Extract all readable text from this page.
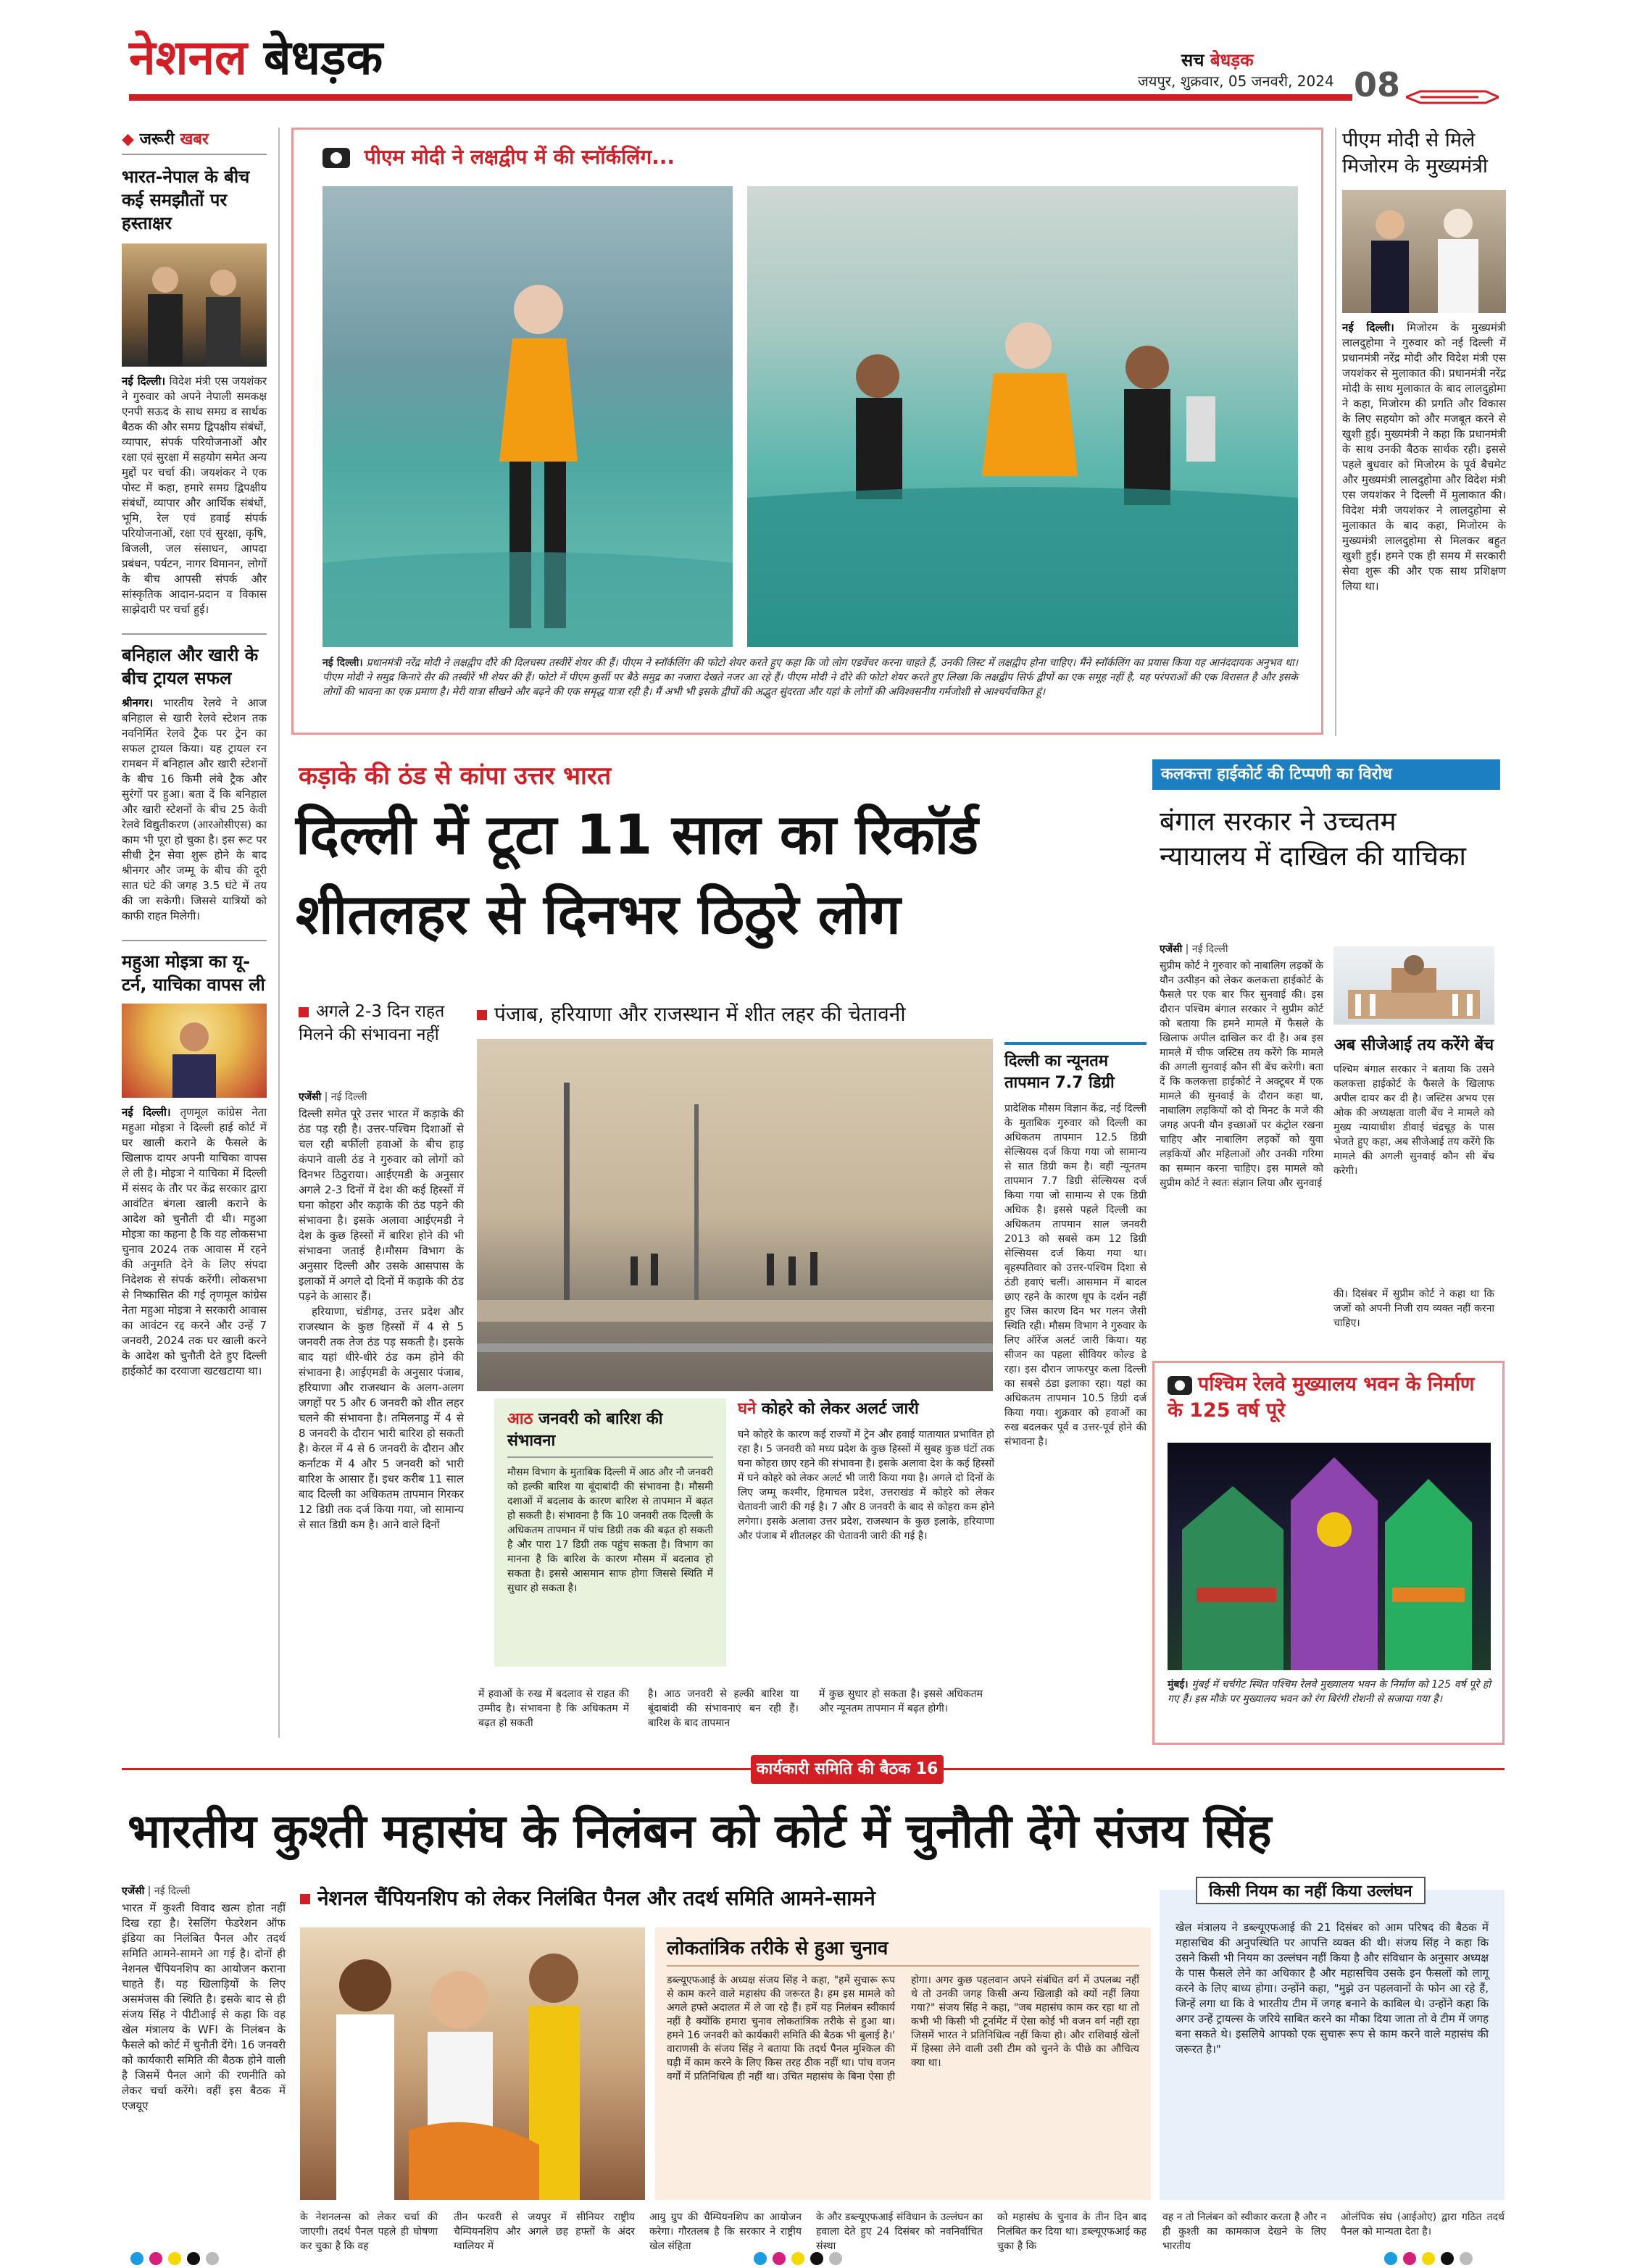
नेशनल बेधड़क	सच बेधड़क
जयपुर, शुक्रवार, 05 जनवरी, 2024 08
◆ जरूरी खबर
भारत-नेपाल के बीच कई समझौतों पर हस्ताक्षर

नई दिल्ली। विदेश मंत्री एस जयशंकर ने गुरुवार को अपने नेपाली समकक्ष एनपी सऊद के साथ समग्र व सार्थक बैठक की और समग्र द्विपक्षीय संबंधों, व्यापार, संपर्क परियोजनाओं और रक्षा एवं सुरक्षा में सहयोग समेत अन्य मुद्दों पर चर्चा की। जयशंकर ने एक पोस्ट में कहा, हमारे समग्र द्विपक्षीय संबंधों, व्यापार और आर्थिक संबंधों, भूमि, रेल एवं हवाई संपर्क परियोजनाओं, रक्षा एवं सुरक्षा, कृषि, बिजली, जल संसाधन, आपदा प्रबंधन, पर्यटन, नागर विमानन, लोगों के बीच आपसी संपर्क और सांस्कृतिक आदान-प्रदान व विकास साझेदारी पर चर्चा हुई।

बनिहाल और खारी के बीच ट्रायल सफल

श्रीनगर। भारतीय रेलवे ने आज बनिहाल से खारी रेलवे स्टेशन तक नवनिर्मित रेलवे ट्रैक पर ट्रेन का सफल ट्रायल किया। यह ट्रायल रन रामबन में बनिहाल और खारी स्टेशनों के बीच 16 किमी लंबे ट्रैक और सुरंगों पर हुआ। बता दें कि बनिहाल और खारी स्टेशनों के बीच 25 केवी रेलवे विद्युतीकरण (आरओसीएस) का काम भी पूरा हो चुका है। इस रूट पर सीधी ट्रेन सेवा शुरू होने के बाद श्रीनगर और जम्मू के बीच की दूरी सात घंटे की जगह 3.5 घंटे में तय की जा सकेगी। जिससे यात्रियों को काफी राहत मिलेगी।

महुआ मोइत्रा का यू-टर्न, याचिका वापस ली

नई दिल्ली। तृणमूल कांग्रेस नेता महुआ मोइत्रा ने दिल्ली हाई कोर्ट में घर खाली कराने के फैसले के खिलाफ दायर अपनी याचिका वापस ले ली है। मोइत्रा ने याचिका में दिल्ली में संसद के तौर पर केंद्र सरकार द्वारा आवंटित बंगला खाली कराने के आदेश को चुनौती दी थी। महुआ मोइत्रा का कहना है कि वह लोकसभा चुनाव 2024 तक आवास में रहने की अनुमति देने के लिए संपदा निदेशक से संपर्क करेंगी। लोकसभा से निष्कासित की गई तृणमूल कांग्रेस नेता महुआ मोइत्रा ने सरकारी आवास का आवंटन रद्द करने और उन्हें 7 जनवरी, 2024 तक घर खाली करने के आदेश को चुनौती देते हुए दिल्ली हाईकोर्ट का दरवाजा खटखटाया था।

पीएम मोदी ने लक्षद्वीप में की स्नॉर्कलिंग...

नई दिल्ली। प्रधानमंत्री नरेंद्र मोदी ने लक्षद्वीप दौरे की दिलचस्प तस्वीरें शेयर की हैं। पीएम ने स्नॉर्कलिंग की फोटो शेयर करते हुए कहा कि जो लोग एडवेंचर करना चाहते हैं, उनकी लिस्ट में लक्षद्वीप होना चाहिए। मैंने स्नॉर्कलिंग का प्रयास किया यह आनंददायक अनुभव था। पीएम मोदी ने समुद्र किनारे सैर की तस्वीरें भी शेयर की हैं। फोटो में पीएम कुर्सी पर बैठे समुद्र का नजारा देखते नजर आ रहे हैं। पीएम मोदी ने दौरे की फोटो शेयर करते हुए लिखा कि लक्षद्वीप सिर्फ द्वीपों का एक समूह नहीं है, यह परंपराओं की एक विरासत है और इसके लोगों की भावना का एक प्रमाण है। मेरी यात्रा सीखने और बढ़ने की एक समृद्ध यात्रा रही है। मैं अभी भी इसके द्वीपों की अद्भुत सुंदरता और यहां के लोगों की अविश्वसनीय गर्मजोशी से आश्चर्यचकित हूं।

पीएम मोदी से मिले मिजोरम के मुख्यमंत्री

नई दिल्ली। मिजोरम के मुख्यमंत्री लालदुहोमा ने गुरुवार को नई दिल्ली में प्रधानमंत्री नरेंद्र मोदी और विदेश मंत्री एस जयशंकर से मुलाकात की। प्रधानमंत्री नरेंद्र मोदी के साथ मुलाकात के बाद लालदुहोमा ने कहा, मिजोरम की प्रगति और विकास के लिए सहयोग को और मजबूत करने से खुशी हुई। मुख्यमंत्री ने कहा कि प्रधानमंत्री के साथ उनकी बैठक सार्थक रही। इससे पहले बुधवार को मिजोरम के पूर्व बैचमेट और मुख्यमंत्री लालदुहोमा और विदेश मंत्री एस जयशंकर ने दिल्ली में मुलाकात की। विदेश मंत्री जयशंकर ने लालदुहोमा से मुलाकात के बाद कहा, मिजोरम के मुख्यमंत्री लालदुहोमा से मिलकर बहुत खुशी हुई। हमने एक ही समय में सरकारी सेवा शुरू की और एक साथ प्रशिक्षण लिया था।

कड़ाके की ठंड से कांपा उत्तर भारत
दिल्ली में टूटा 11 साल का रिकॉर्ड
शीतलहर से दिनभर ठिठुरे लोग
अगले 2-3 दिन राहत मिलने की संभावना नहीं
पंजाब, हरियाणा और राजस्थान में शीत लहर की चेतावनी
एजेंसी | नई दिल्ली

दिल्ली समेत पूरे उत्तर भारत में कड़ाके की ठंड पड़ रही है। उत्तर-पश्चिम दिशाओं से चल रही बर्फीली हवाओं के बीच हाड़ कंपाने वाली ठंड ने गुरुवार को लोगों को दिनभर ठिठुराया। आईएमडी के अनुसार अगले 2-3 दिनों में देश की कई हिस्सों में घना कोहरा और कड़ाके की ठंड पड़ने की संभावना है। इसके अलावा आईएमडी ने देश के कुछ हिस्सों में बारिश होने की भी संभावना जताई है।मौसम विभाग के अनुसार दिल्ली और उसके आसपास के इलाकों में अगले दो दिनों में कड़ाके की ठंड पड़ने के आसार हैं।

हरियाणा, चंडीगढ़, उत्तर प्रदेश और राजस्थान के कुछ हिस्सों में 4 से 5 जनवरी तक तेज ठंड पड़ सकती है। इसके बाद यहां धीरे-धीरे ठंड कम होने की संभावना है। आईएमडी के अनुसार पंजाब, हरियाणा और राजस्थान के अलग-अलग जगहों पर 5 और 6 जनवरी को शीत लहर चलने की संभावना है। तमिलनाडु में 4 से 8 जनवरी के दौरान भारी बारिश हो सकती है। केरल में 4 से 6 जनवरी के दौरान और कर्नाटक में 4 और 5 जनवरी को भारी बारिश के आसार हैं। इधर करीब 11 साल बाद दिल्ली का अधिकतम तापमान गिरकर 12 डिग्री तक दर्ज किया गया, जो सामान्य से सात डिग्री कम है। आने वाले दिनों

दिल्ली का न्यूनतम तापमान 7.7 डिग्री

प्रादेशिक मौसम विज्ञान केंद्र, नई दिल्ली के मुताबिक गुरुवार को दिल्ली का अधिकतम तापमान 12.5 डिग्री सेल्सियस दर्ज किया गया जो सामान्य से सात डिग्री कम है। वहीं न्यूनतम तापमान 7.7 डिग्री सेल्सियस दर्ज किया गया जो सामान्य से एक डिग्री अधिक है। इससे पहले दिल्ली का अधिकतम तापमान साल जनवरी 2013 को सबसे कम 12 डिग्री सेल्सियस दर्ज किया गया था। बृहस्पतिवार को उत्तर-पश्चिम दिशा से ठंडी हवाएं चलीं। आसमान में बादल छाए रहने के कारण धूप के दर्शन नहीं हुए जिस कारण दिन भर गलन जैसी स्थिति रही। मौसम विभाग ने गुरुवार के लिए ऑरेंज अलर्ट जारी किया। यह सीजन का पहला सीवियर कोल्ड डे रहा। इस दौरान जाफरपुर कला दिल्ली का सबसे ठंडा इलाका रहा। यहां का अधिकतम तापमान 10.5 डिग्री दर्ज किया गया। शुक्रवार को हवाओं का रुख बदलकर पूर्व व उत्तर-पूर्व होने की संभावना है।

आठ जनवरी को बारिश की संभावना

मौसम विभाग के मुताबिक दिल्ली में आठ और नौ जनवरी को हल्की बारिश या बूंदाबांदी की संभावना है। मौसमी दशाओं में बदलाव के कारण बारिश से तापमान में बढ़त हो सकती है। संभावना है कि 10 जनवरी तक दिल्ली के अधिकतम तापमान में पांच डिग्री तक की बढ़त हो सकती है और पारा 17 डिग्री तक पहुंच सकता है। विभाग का मानना है कि बारिश के कारण मौसम में बदलाव हो सकता है। इससे आसमान साफ होगा जिससे स्थिति में सुधार हो सकता है।

घने कोहरे को लेकर अलर्ट जारी

घने कोहरे के कारण कई राज्यों में ट्रेन और हवाई यातायात प्रभावित हो रहा है। 5 जनवरी को मध्य प्रदेश के कुछ हिस्सों में सुबह कुछ घंटों तक घना कोहरा छाए रहने की संभावना है। इसके अलावा देश के कई हिस्सों में घने कोहरे को लेकर अलर्ट भी जारी किया गया है। अगले दो दिनों के लिए जम्मू कश्मीर, हिमाचल प्रदेश, उत्तराखंड में कोहरे को लेकर चेतावनी जारी की गई है। 7 और 8 जनवरी के बाद से कोहरा कम होने लगेगा। इसके अलावा उत्तर प्रदेश, राजस्थान के कुछ इलाके, हरियाणा और पंजाब में शीतलहर की चेतावनी जारी की गई है।

में हवाओं के रुख में बदलाव से राहत की उम्मीद है। संभावना है कि अधिकतम में बढ़त हो सकती

है। आठ जनवरी से हल्की बारिश या बूंदाबांदी की संभावनाएं बन रही हैं। बारिश के बाद तापमान

में कुछ सुधार हो सकता है। इससे अधिकतम और न्यूनतम तापमान में बढ़त होगी।

कलकत्ता हाईकोर्ट की टिप्पणी का विरोध
बंगाल सरकार ने उच्चतम न्यायालय में दाखिल की याचिका
एजेंसी | नई दिल्ली

सुप्रीम कोर्ट ने गुरुवार को नाबालिग लड़कों के यौन उत्पीड़न को लेकर कलकत्ता हाईकोर्ट के फैसले पर एक बार फिर सुनवाई की। इस दौरान पश्चिम बंगाल सरकार ने सुप्रीम कोर्ट को बताया कि हमने मामले में फैसले के खिलाफ अपील दाखिल कर दी है। अब इस मामले में चीफ जस्टिस तय करेंगे कि मामले की अगली सुनवाई कौन सी बेंच करेगी। बता दें कि कलकत्ता हाईकोर्ट ने अक्टूबर में एक मामले की सुनवाई के दौरान कहा था, नाबालिग लड़कियों को दो मिनट के मजे की जगह अपनी यौन इच्छाओं पर कंट्रोल रखना चाहिए और नाबालिग लड़कों को युवा लड़कियों और महिलाओं और उनकी गरिमा का सम्मान करना चाहिए। इस मामले को सुप्रीम कोर्ट ने स्वतः संज्ञान लिया और सुनवाई

अब सीजेआई तय करेंगे बेंच

पश्चिम बंगाल सरकार ने बताया कि उसने कलकत्ता हाईकोर्ट के फैसले के खिलाफ अपील दायर कर दी है। जस्टिस अभय एस ओक की अध्यक्षता वाली बेंच ने मामले को मुख्य न्यायाधीश डीवाई चंद्रचूड़ के पास भेजते हुए कहा, अब सीजेआई तय करेंगे कि मामले की अगली सुनवाई कौन सी बेंच करेगी।

की। दिसंबर में सुप्रीम कोर्ट ने कहा था कि जजों को अपनी निजी राय व्यक्त नहीं करना चाहिए।

पश्चिम रेलवे मुख्यालय भवन के निर्माण के 125 वर्ष पूरे

मुंबई। मुंबई में चर्चगेट स्थित पश्चिम रेलवे मुख्यालय भवन के निर्माण को 125 वर्ष पूरे हो गए हैं। इस मौके पर मुख्यालय भवन को रंग बिरंगी रोशनी से सजाया गया है।

कार्यकारी समिति की बैठक 16 जनवरी को
भारतीय कुश्ती महासंघ के निलंबन को कोर्ट में चुनौती देंगे संजय सिंह
एजेंसी | नई दिल्ली

भारत में कुश्ती विवाद खत्म होता नहीं दिख रहा है। रेसलिंग फेडरेशन ऑफ इंडिया का निलंबित पैनल और तदर्थ समिति आमने-सामने आ गई है। दोनों ही नेशनल चैंपियनशिप का आयोजन कराना चाहते हैं। यह खिलाड़ियों के लिए असमंजस की स्थिति है। इसके बाद से ही संजय सिंह ने पीटीआई से कहा कि वह खेल मंत्रालय के WFI के निलंबन के फैसले को कोर्ट में चुनौती देंगे। 16 जनवरी को कार्यकारी समिति की बैठक होने वाली है जिसमें पैनल आगे की रणनीति को लेकर चर्चा करेंगे। वहीं इस बैठक में एजयूए

नेशनल चैंपियनशिप को लेकर निलंबित पैनल और तदर्थ समिति आमने-सामने
लोकतांत्रिक तरीके से हुआ चुनाव

डब्ल्यूएफआई के अध्यक्ष संजय सिंह ने कहा, "हमें सुचारू रूप से काम करने वाले महासंघ की जरूरत है। हम इस मामले को अगले हफ्ते अदालत में ले जा रहे हैं। हमें यह निलंबन स्वीकार्य नहीं है क्योंकि हमारा चुनाव लोकतांत्रिक तरीके से हुआ था। हमने 16 जनवरी को कार्यकारी समिति की बैठक भी बुलाई है।' वाराणसी के संजय सिंह ने बताया कि तदर्थ पैनल मुश्किल की घड़ी में काम करने के लिए किस तरह ठीक नहीं था। पांच वजन वर्गों में प्रतिनिधित्व ही नहीं था। उचित महासंघ के बिना ऐसा ही होगा। अगर कुछ पहलवान अपने संबंधित वर्ग में उपलब्ध नहीं थे तो उनकी जगह किसी अन्य खिलाड़ी को क्यों नहीं लिया गया?" संजय सिंह ने कहा, "जब महासंघ काम कर रहा था तो कभी भी किसी भी टूर्नामेंट में ऐसा कोई भी वजन वर्ग नहीं रहा जिसमें भारत ने प्रतिनिधित्व नहीं किया हो। और राशिवाई खेलों में हिस्सा लेने वाली उसी टीम को चुनने के पीछे का औचित्य क्या था।

किसी नियम का नहीं किया उल्लंघन

खेल मंत्रालय ने डब्ल्यूएफआई की 21 दिसंबर को आम परिषद की बैठक में महासचिव की अनुपस्थिति पर आपत्ति व्यक्त की थी। संजय सिंह ने कहा कि उसने किसी भी नियम का उल्लंघन नहीं किया है और संविधान के अनुसार अध्यक्ष के पास फैसले लेने का अधिकार है और महासचिव उसके इन फैसलों को लागू करने के लिए बाध्य होगा। उन्होंने कहा, "मुझे उन पहलवानों के फोन आ रहे हैं, जिन्हें लगा था कि वे भारतीय टीम में जगह बनाने के काबिल थे। उन्होंने कहा कि अगर उन्हें ट्रायल्स के जरिये साबित करने का मौका दिया जाता तो वे टीम में जगह बना सकते थे। इसलिये आपको एक सुचारू रूप से काम करने वाले महासंघ की जरूरत है।"

के नेशनलन्स को लेकर चर्चा की जाएगी। तदर्थ पैनल पहले ही घोषणा कर चुका है कि वह

तीन फरवरी से जयपुर में सीनियर राष्ट्रीय चैम्पियनशिप और अगले छह हफ्तों के अंदर ग्वालियर में

आयु ग्रुप की चैम्पियनशिप का आयोजन करेगा। गौरतलब है कि सरकार ने राष्ट्रीय खेल संहिता

के और डब्ल्यूएफआई संविधान के उल्लंघन का हवाला देते हुए 24 दिसंबर को नवनिर्वाचित संस्था

को महासंघ के चुनाव के तीन दिन बाद निलंबित कर दिया था। डब्ल्यूएफआई कह चुका है कि

वह न तो निलंबन को स्वीकार करता है और न ही कुश्ती का कामकाज देखने के लिए भारतीय

ओलंपिक संघ (आईओए) द्वारा गठित तदर्थ पैनल को मान्यता देता है।
